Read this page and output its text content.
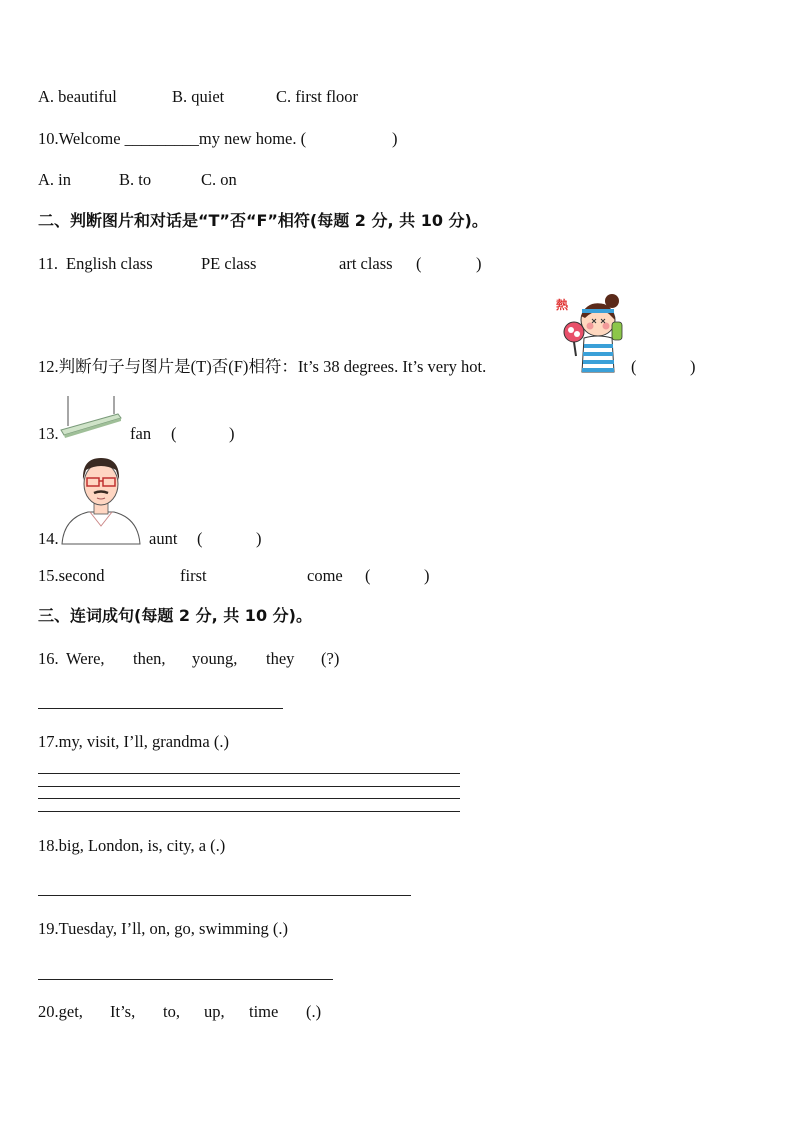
A. beautiful	B. quiet	C. first floor
10.Welcome _________my new home. (	)
A. in	B. to	C. on
二、判断图片和对话是“T”否“F”相符(每题 2 分, 共 10 分)。
11. English class	PE class	art class (	)
熱
12.判断句子与图片是(T)否(F)相符：It’s 38 degrees. It’s very hot.	(	)
13.	fan (	)
14.	aunt (	)
15.second	first	come (	)
三、连词成句(每题 2 分, 共 10 分)。
16. Were, then, young, they (?)
17.my, visit, I’ll, grandma (.)
18.big, London, is, city, a (.)
19.Tuesday, I’ll, on, go, swimming (.)
20.get, It’s, to, up, time (.)
